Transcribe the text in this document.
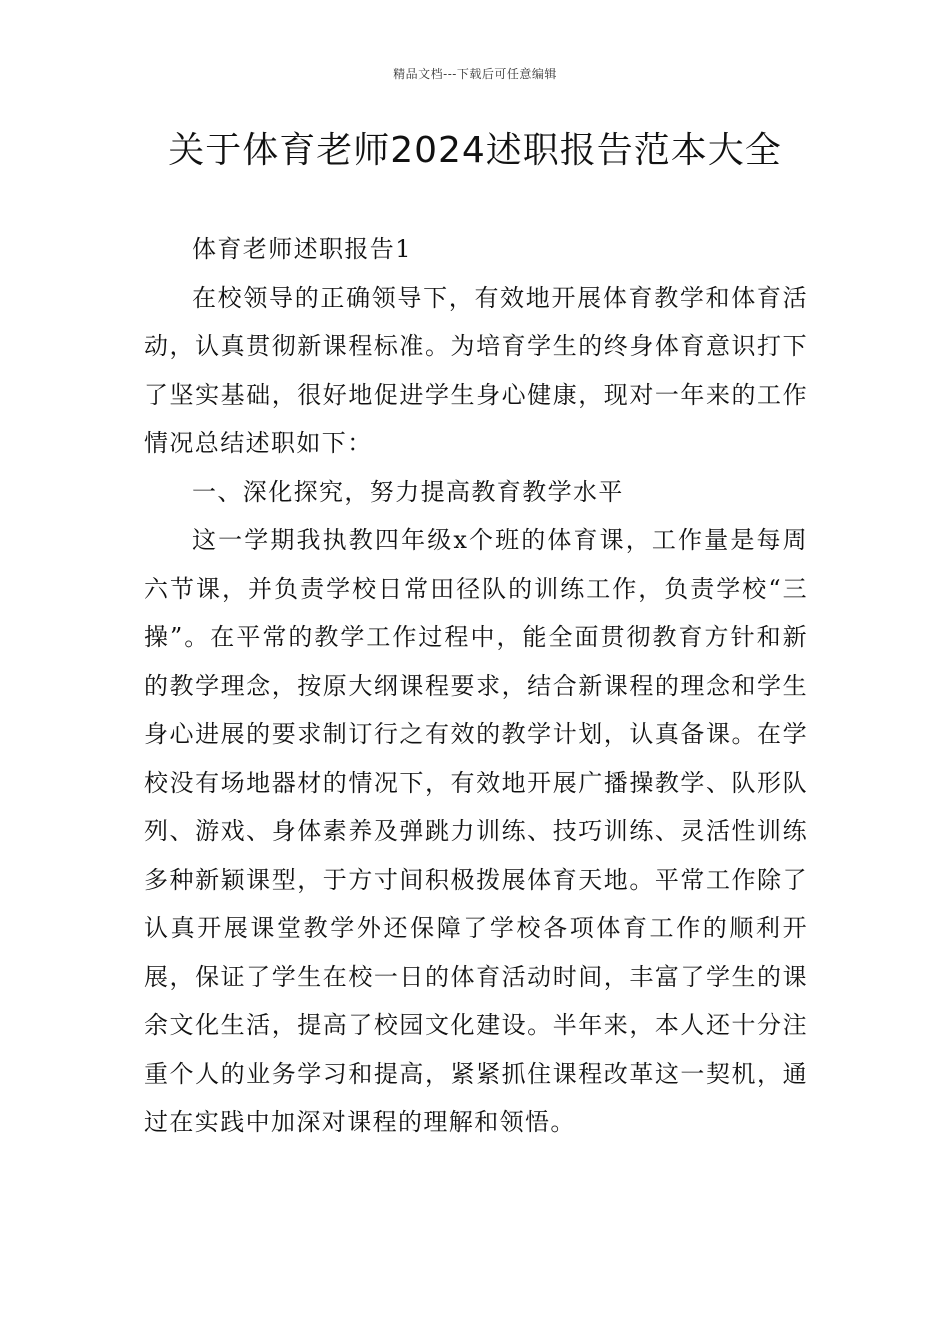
精品文档---下载后可任意编辑
关于体育老师2024述职报告范本大全

体育老师述职报告1

在校领导的正确领导下，有效地开展体育教学和体育活动，认真贯彻新课程标准。为培育学生的终身体育意识打下了坚实基础，很好地促进学生身心健康，现对一年来的工作情况总结述职如下：

一、深化探究，努力提高教育教学水平

这一学期我执教四年级x个班的体育课，工作量是每周六节课，并负责学校日常田径队的训练工作，负责学校“三操”。在平常的教学工作过程中，能全面贯彻教育方针和新的教学理念，按原大纲课程要求，结合新课程的理念和学生身心进展的要求制订行之有效的教学计划，认真备课。在学校没有场地器材的情况下，有效地开展广播操教学、队形队列、游戏、身体素养及弹跳力训练、技巧训练、灵活性训练多种新颖课型，于方寸间积极拨展体育天地。平常工作除了认真开展课堂教学外还保障了学校各项体育工作的顺利开展，保证了学生在校一日的体育活动时间，丰富了学生的课余文化生活，提高了校园文化建设。半年来，本人还十分注重个人的业务学习和提高，紧紧抓住课程改革这一契机，通过在实践中加深对课程的理解和领悟。
